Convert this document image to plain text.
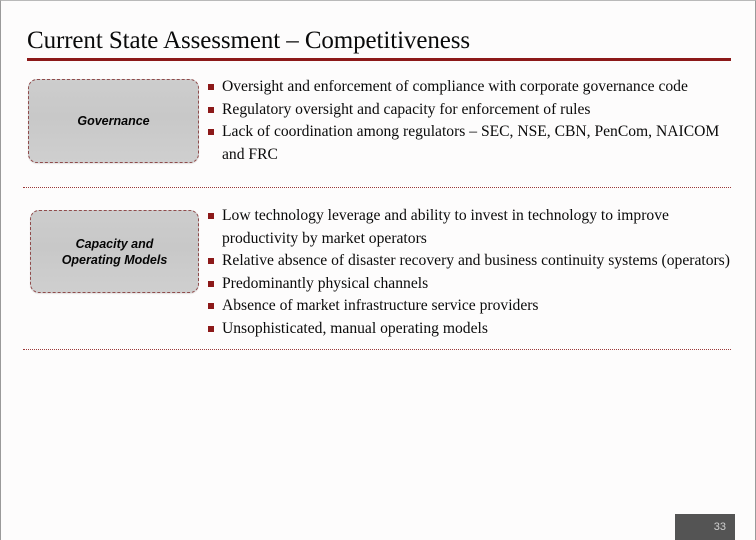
Current State Assessment – Competitiveness
Governance
Oversight and enforcement of compliance with corporate governance code
Regulatory oversight and capacity for enforcement of rules
Lack of coordination among regulators – SEC, NSE, CBN, PenCom, NAICOM and FRC
Capacity and
Operating Models
Low technology leverage and ability to invest in technology to improve productivity by market operators
Relative absence of disaster recovery and business continuity systems (operators)
Predominantly physical channels
Absence of market infrastructure service providers
Unsophisticated, manual operating models
33
